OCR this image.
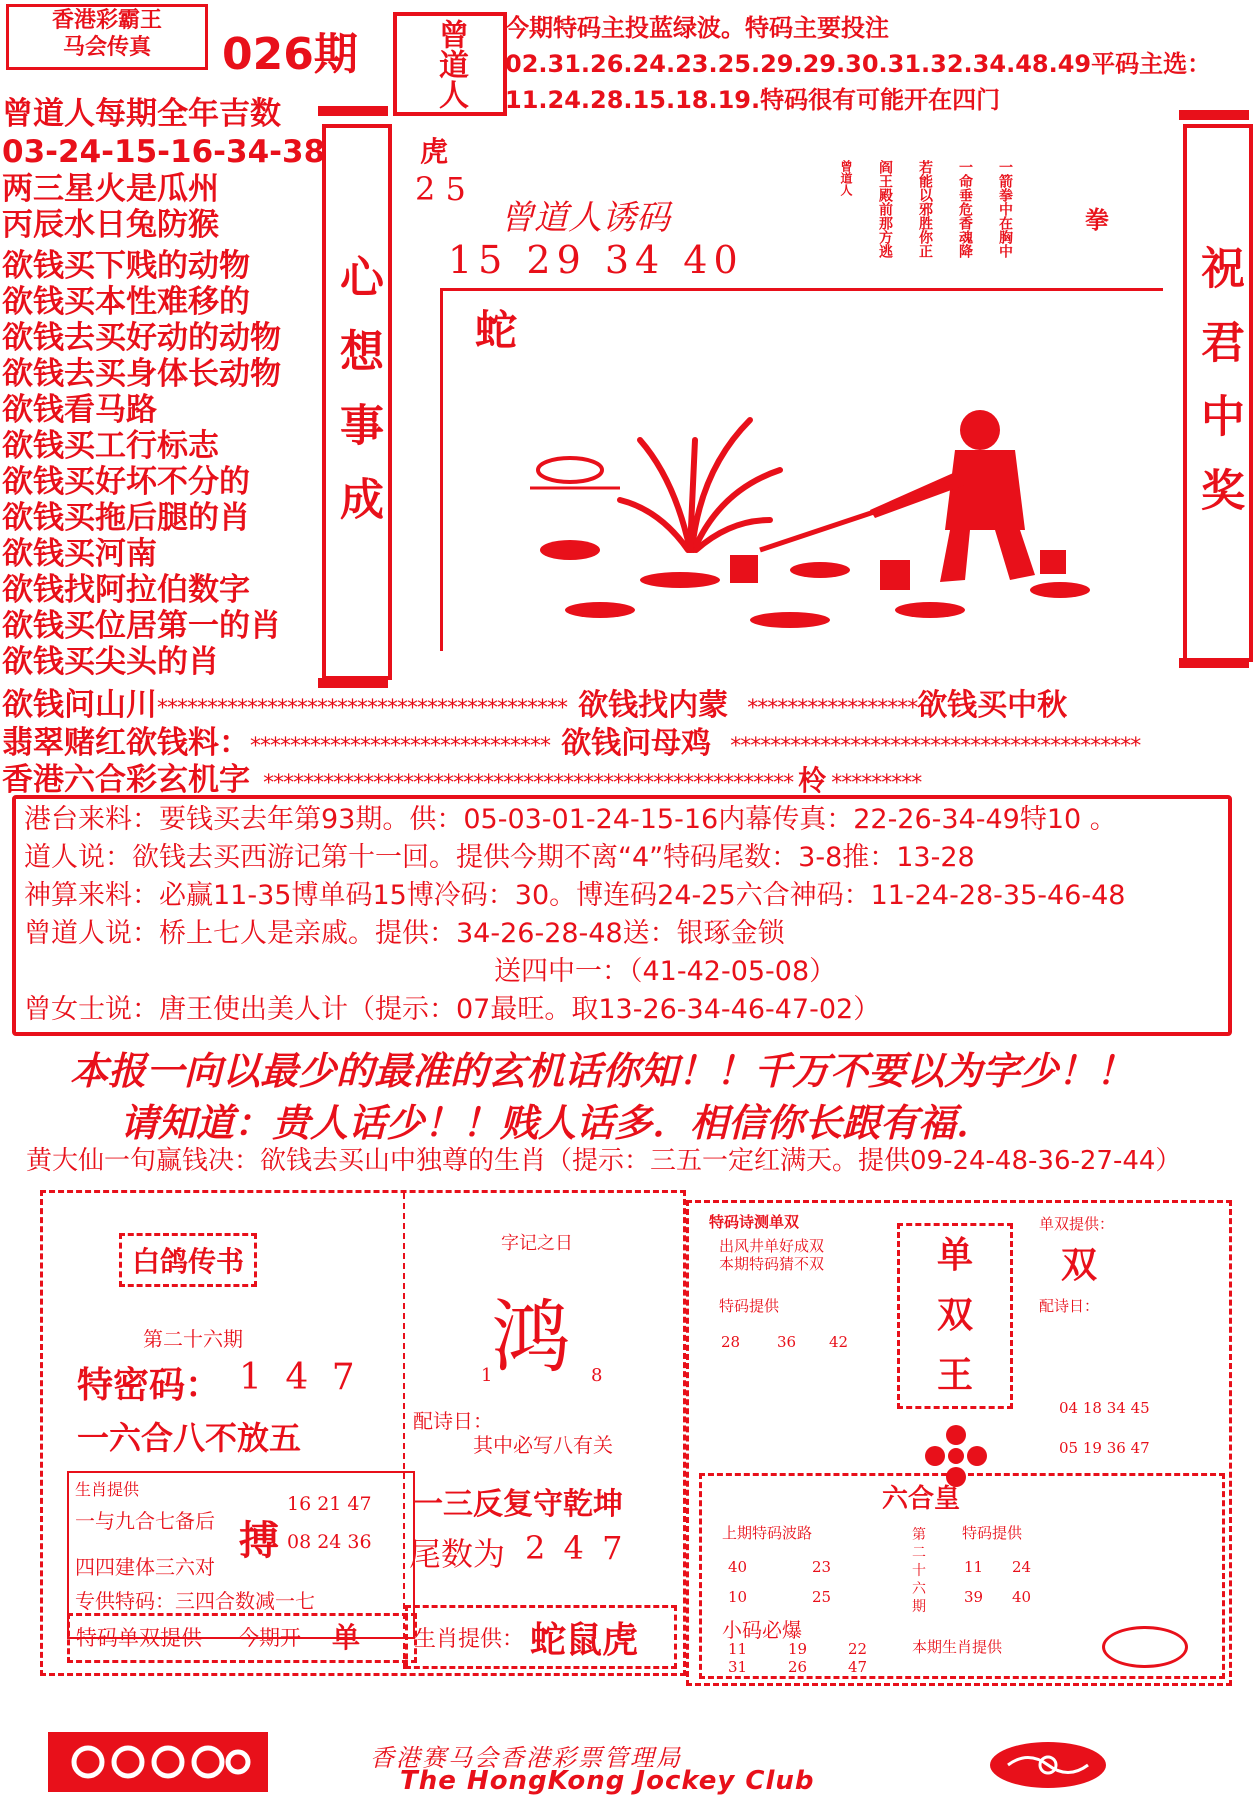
香港彩霸王
马会传真	026期	曾道人 今期特码主投蓝绿波。特码主要投注02.31.26.24.23.25.29.29.30.31.32.34.48.49平码主选：11.24.28.15.18.19.特码很有可能开在四门
曾道人每期全年吉数
03-24-15-16-34-38
两三星火是瓜州
丙辰水日兔防猴
欲钱买下贱的动物
欲钱买本性难移的
欲钱去买好动的动物
欲钱去买身体长动物
欲钱看马路
欲钱买工行标志
欲钱买好坏不分的
欲钱买拖后腿的肖
欲钱买河南
欲钱找阿拉伯数字
欲钱买位居第一的肖
欲钱买尖头的肖
心想事成	祝君中奖
虎
2 5
曾道人诱码
15 29 34 40
一箭拳中在胸中
一命垂危香魂降
若能以邪胜你正
阎王殿前那方逃
曾道人
拳
蛇
欲钱问山川***************************************** 欲钱找内蒙 *****************欲钱买中秋
翡翠赌红欲钱料：****************************** 欲钱问母鸡 *****************************************
香港六合彩玄机字 ***************************************************** 柃 *********
港台来料：要钱买去年第93期。供：05-03-01-24-15-16内幕传真：22-26-34-49特10 。
道人说：欲钱去买西游记第十一回。提供今期不离“4”特码尾数：3-8推：13-28
神算来料：必赢11-35博单码15博冷码：30。博连码24-25六合神码：11-24-28-35-46-48
曾道人说：桥上七人是亲戚。提供：34-26-28-48送：银琢金锁
送四中一：（41-42-05-08）
曾女士说：唐王使出美人计（提示：07最旺。取13-26-34-46-47-02）
本报一向以最少的最准的玄机话你知！！千万不要以为字少！！
请知道：贵人话少！！贱人话多．相信你长跟有福．
黄大仙一句赢钱决：欲钱去买山中独尊的生肖（提示：三五一定红满天。提供09-24-48-36-27-44）
白鸽传书
第二十六期
特密码： 1 4 7
一六合八不放五
生肖提供
一与九合七备后
四四建体三六对
专供特码：三四合数减一七
搏
16 21 47
08 24 36
特码单双提供 今期开 单
字记之日
鸿
1	8
配诗日：
其中必写八有关
一三反复守乾坤
尾数为 2 4 7
生肖提供： 蛇鼠虎
特码诗测单双
出风井单好成双
本期特码猜不双
特码提供
28 36 42
单
双
王
单双提供：
双
配诗日：
04 18 34 45
05 19 36 47
六合皇
上期特码波路
40	23
10	25
第二十六期
特码提供
11 24
39 40
小码必爆
11	19	22
31	26	47
本期生肖提供
香港赛马会香港彩票管理局
The HongKong Jockey Club
